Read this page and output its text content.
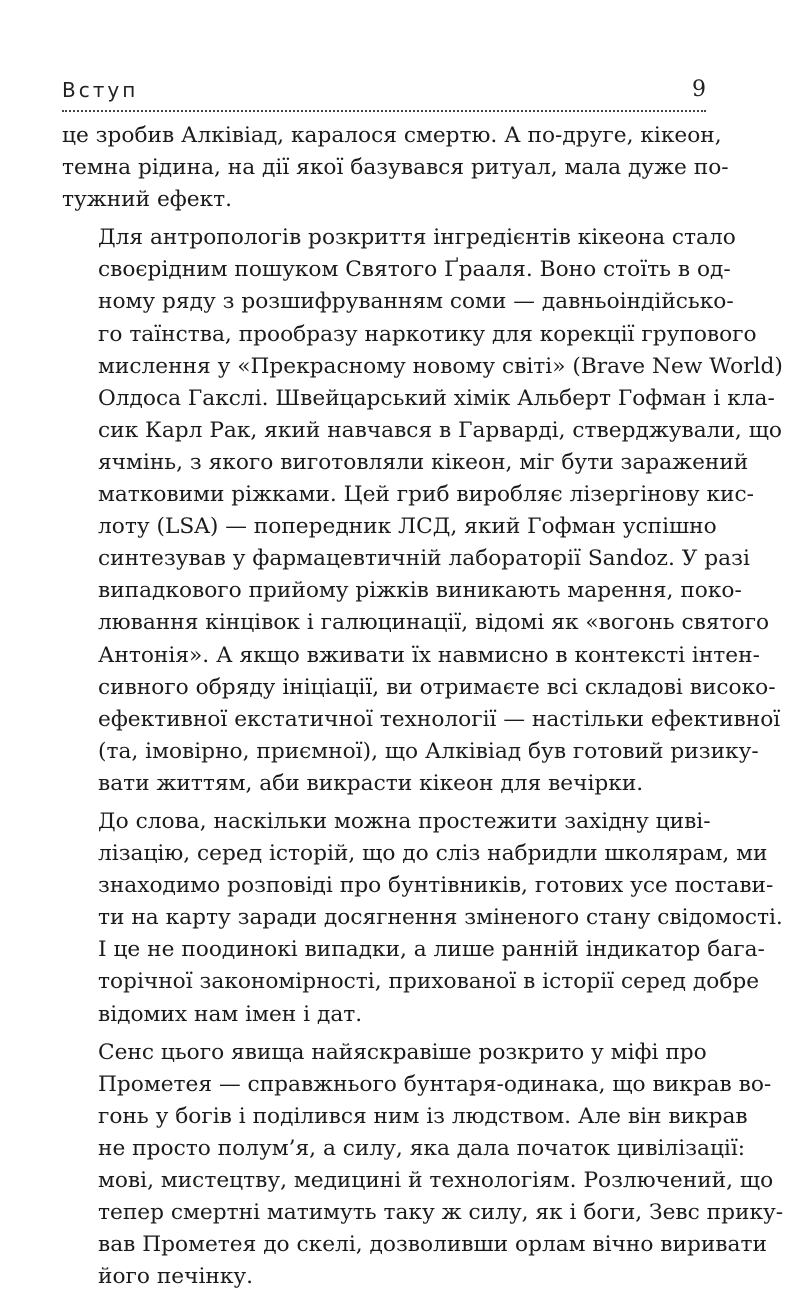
Вступ	9

це зробив Алківіад, каралося смертю. А по-друге, кікеон,
темна рідина, на дії якої базувався ритуал, мала дуже по-
тужний ефект.

Для антропологів розкриття інгредієнтів кікеона стало
своєрідним пошуком Святого Ґрааля. Воно стоїть в од-
ному ряду з розшифруванням соми — давньоіндійсько-
го таїнства, прообразу наркотику для корекції групового
мислення у «Прекрасному новому світі» (Brave New World)
Олдоса Гакслі. Швейцарський хімік Альберт Гофман і кла-
сик Карл Рак, який навчався в Гарварді, стверджували, що
ячмінь, з якого виготовляли кікеон, міг бути заражений
матковими ріжками. Цей гриб виробляє лізергінову кис-
лоту (LSA) — попередник ЛСД, який Гофман успішно
синтезував у фармацевтичній лабораторії Sandoz. У разі
випадкового прийому ріжків виникають марення, поко-
лювання кінцівок і галюцинації, відомі як «вогонь святого
Антонія». А якщо вживати їх навмисно в контексті інтен-
сивного обряду ініціації, ви отримаєте всі складові високо-
ефективної екстатичної технології — настільки ефективної
(та, імовірно, приємної), що Алківіад був готовий ризику-
вати життям, аби викрасти кікеон для вечірки.

До слова, наскільки можна простежити західну циві-
лізацію, серед історій, що до сліз набридли школярам, ми
знаходимо розповіді про бунтівників, готових усе постави-
ти на карту заради досягнення зміненого стану свідомості.
І це не поодинокі випадки, а лише ранній індикатор бага-
торічної закономірності, прихованої в історії серед добре
відомих нам імен і дат.

Сенс цього явища найяскравіше розкрито у міфі про
Прометея — справжнього бунтаря-одинака, що викрав во-
гонь у богів і поділився ним із людством. Але він викрав
не просто полум’я, а силу, яка дала початок цивілізації:
мові, мистецтву, медицині й технологіям. Розлючений, що
тепер смертні матимуть таку ж силу, як і боги, Зевс прику-
вав Прометея до скелі, дозволивши орлам вічно виривати
його печінку.
